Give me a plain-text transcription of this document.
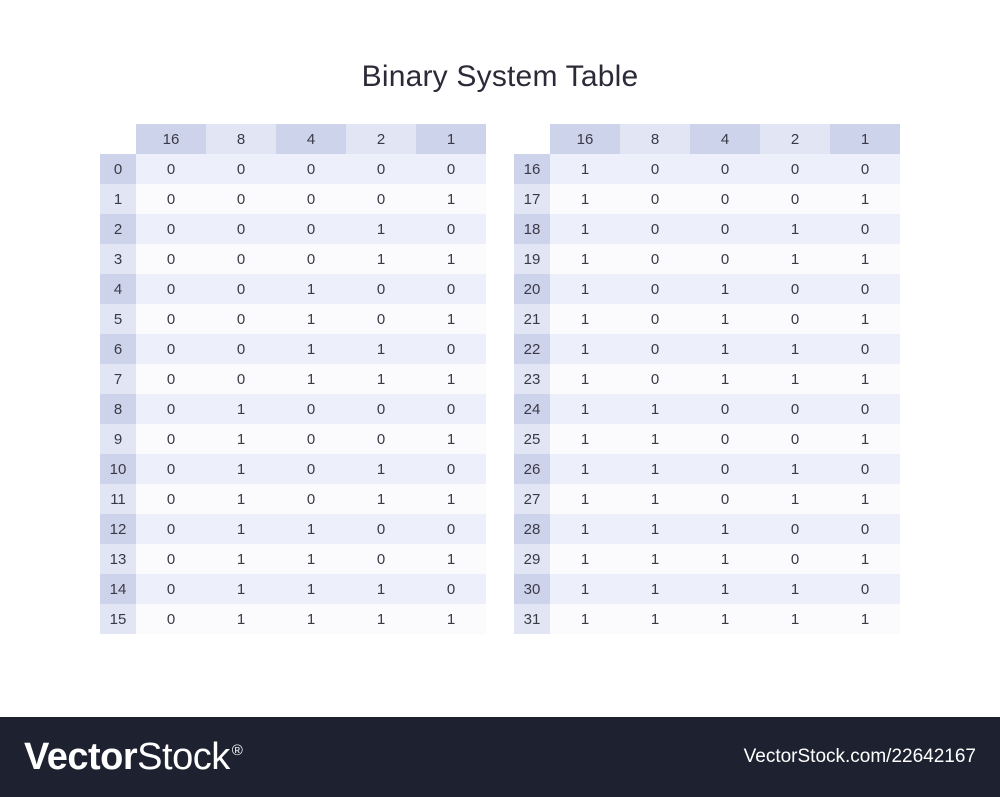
Binary System Table
	16	8	4	2	1
0	0	0	0	0	0
1	0	0	0	0	1
2	0	0	0	1	0
3	0	0	0	1	1
4	0	0	1	0	0
5	0	0	1	0	1
6	0	0	1	1	0
7	0	0	1	1	1
8	0	1	0	0	0
9	0	1	0	0	1
10	0	1	0	1	0
11	0	1	0	1	1
12	0	1	1	0	0
13	0	1	1	0	1
14	0	1	1	1	0
15	0	1	1	1	1
	16	8	4	2	1
16	1	0	0	0	0
17	1	0	0	0	1
18	1	0	0	1	0
19	1	0	0	1	1
20	1	0	1	0	0
21	1	0	1	0	1
22	1	0	1	1	0
23	1	0	1	1	1
24	1	1	0	0	0
25	1	1	0	0	1
26	1	1	0	1	0
27	1	1	0	1	1
28	1	1	1	0	0
29	1	1	1	0	1
30	1	1	1	1	0
31	1	1	1	1	1
Vector Stock ®	VectorStock.com/22642167
